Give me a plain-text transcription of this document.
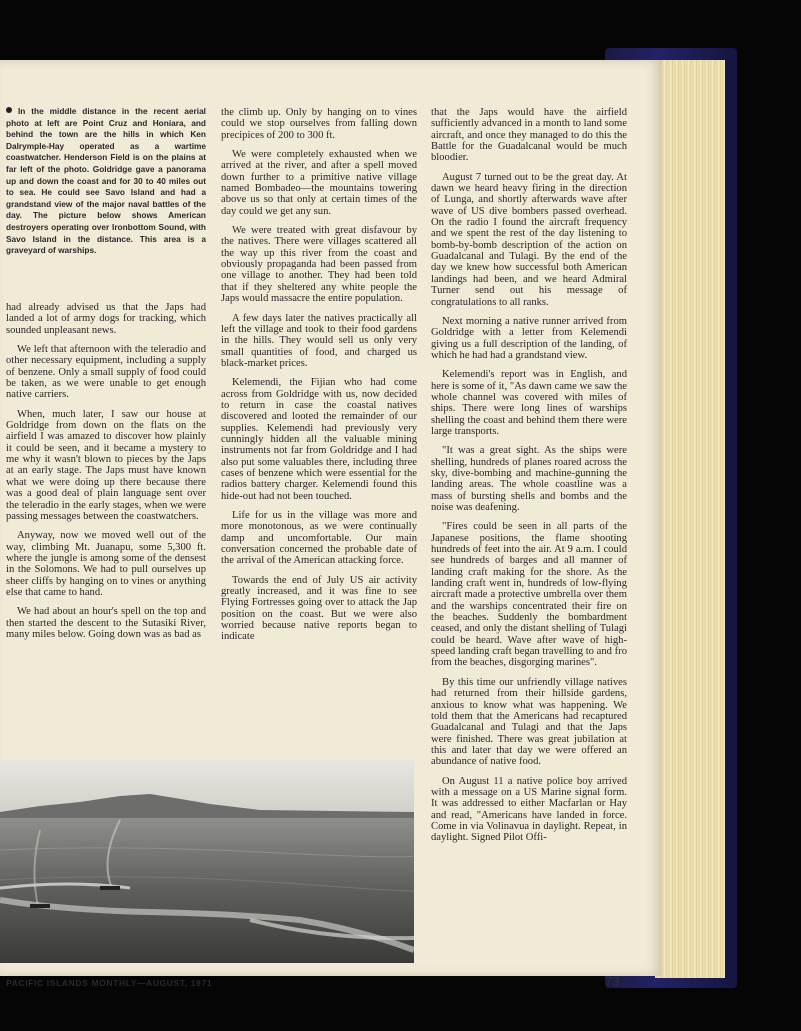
In the middle distance in the recent aerial photo at left are Point Cruz and Honiara, and behind the town are the hills in which Ken Dalrymple-Hay operated as a wartime coastwatcher. Henderson Field is on the plains at far left of the photo. Goldridge gave a panorama up and down the coast and for 30 to 40 miles out to sea. He could see Savo Island and had a grandstand view of the major naval battles of the day. The picture below shows American destroyers operating over Ironbottom Sound, with Savo Island in the distance. This area is a graveyard of warships.

had already advised us that the Japs had landed a lot of army dogs for tracking, which sounded unpleasant news.

We left that afternoon with the teleradio and other necessary equipment, including a supply of benzene. Only a small supply of food could be taken, as we were unable to get enough native carriers.

When, much later, I saw our house at Goldridge from down on the flats on the airfield I was amazed to discover how plainly it could be seen, and it became a mystery to me why it wasn't blown to pieces by the Japs at an early stage. The Japs must have known what we were doing up there because there was a good deal of plain language sent over the teleradio in the early stages, when we were passing messages between the coastwatchers.

Anyway, now we moved well out of the way, climbing Mt. Juanapu, some 5,300 ft. where the jungle is among some of the densest in the Solomons. We had to pull ourselves up sheer cliffs by hanging on to vines or anything else that came to hand.

We had about an hour's spell on the top and then started the descent to the Sutasiki River, many miles below. Going down was as bad as

the climb up. Only by hanging on to vines could we stop ourselves from falling down precipices of 200 to 300 ft.

We were completely exhausted when we arrived at the river, and after a spell moved down further to a primitive native village named Bombadeo—the mountains towering above us so that only at certain times of the day could we get any sun.

We were treated with great disfavour by the natives. There were villages scattered all the way up this river from the coast and obviously propaganda had been passed from one village to another. They had been told that if they sheltered any white people the Japs would massacre the entire population.

A few days later the natives practically all left the village and took to their food gardens in the hills. They would sell us only very small quantities of food, and charged us black-market prices.

Kelemendi, the Fijian who had come across from Goldridge with us, now decided to return in case the coastal natives discovered and looted the remainder of our supplies. Kelemendi had previously very cunningly hidden all the valuable mining instruments not far from Goldridge and I had also put some valuables there, including three cases of benzene which were essential for the radios battery charger. Kelemendi found this hide-out had not been touched.

Life for us in the village was more and more monotonous, as we were continually damp and uncomfortable. Our main conversation concerned the probable date of the arrival of the American attacking force.

Towards the end of July US air activity greatly increased, and it was fine to see Flying Fortresses going over to attack the Jap position on the coast. But we were also worried because native reports began to indicate

that the Japs would have the airfield sufficiently advanced in a month to land some aircraft, and once they managed to do this the Battle for the Guadalcanal would be much bloodier.

August 7 turned out to be the great day. At dawn we heard heavy firing in the direction of Lunga, and shortly afterwards wave after wave of US dive bombers passed overhead. On the radio I found the aircraft frequency and we spent the rest of the day listening to bomb-by-bomb description of the action on Guadalcanal and Tulagi. By the end of the day we knew how successful both American landings had been, and we heard Admiral Turner send out his message of congratulations to all ranks.

Next morning a native runner arrived from Goldridge with a letter from Kelemendi giving us a full description of the landing, of which he had had a grandstand view.

Kelemendi's report was in English, and here is some of it, "As dawn came we saw the whole channel was covered with miles of ships. There were long lines of warships shelling the coast and behind them there were large transports.

"It was a great sight. As the ships were shelling, hundreds of planes roared across the sky, dive-bombing and machine-gunning the landing areas. The whole coastline was a mass of bursting shells and bombs and the noise was deafening.

"Fires could be seen in all parts of the Japanese positions, the flame shooting hundreds of feet into the air. At 9 a.m. I could see hundreds of barges and all manner of landing craft making for the shore. As the landing craft went in, hundreds of low-flying aircraft made a protective umbrella over them and the warships concentrated their fire on the beaches. Suddenly the bombardment ceased, and only the distant shelling of Tulagi could be heard. Wave after wave of high-speed landing craft began travelling to and fro from the beaches, disgorging marines".

By this time our unfriendly village natives had returned from their hillside gardens, anxious to know what was happening. We told them that the Americans had recaptured Guadalcanal and Tulagi and that the Japs were finished. There was great jubilation at this and later that day we were offered an abundance of native food.

On August 11 a native police boy arrived with a message on a US Marine signal form. It was addressed to either Macfarlan or Hay and read, "Americans have landed in force. Come in via Volinavua in daylight. Repeat, in daylight. Signed Pilot Offi-

PACIFIC ISLANDS MONTHLY—AUGUST, 1971	73
